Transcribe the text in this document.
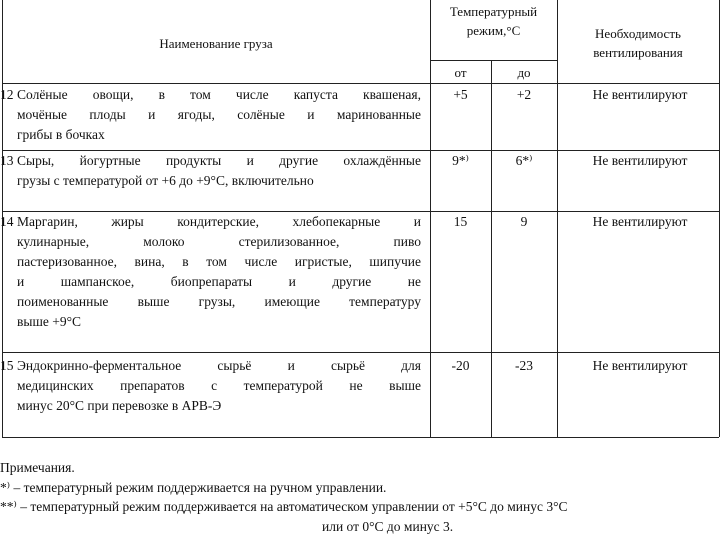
Наименование груза
Температурный
режим,°С	Необходимость
вентилирования
от	до
12 Солёные овощи, в том числе капуста квашеная,
мочёные плоды и ягоды, солёные и маринованные
грибы в бочках
+5	+2	Не вентилируют
13 Сыры, йогуртные продукты и другие охлаждённые
грузы с температурой от +6 до +9°С, включительно
9*⁾	6*⁾	Не вентилируют
14 Маргарин, жиры кондитерские, хлебопекарные и
кулинарные, молоко стерилизованное, пиво
пастеризованное, вина, в том числе игристые, шипучие
и шампанское, биопрепараты и другие не
поименованные выше грузы, имеющие температуру
выше +9°С
15	9	Не вентилируют
15 Эндокринно-ферментальное сырьё и сырьё для
медицинских препаратов с температурой не выше
минус 20°С при перевозке в АРВ-Э
-20	-23	Не вентилируют
Примечания.
*⁾ – температурный режим поддерживается на ручном управлении.
**⁾ – температурный режим поддерживается на автоматическом управлении от +5°С до минус 3°С
или от 0°С до минус 3.
